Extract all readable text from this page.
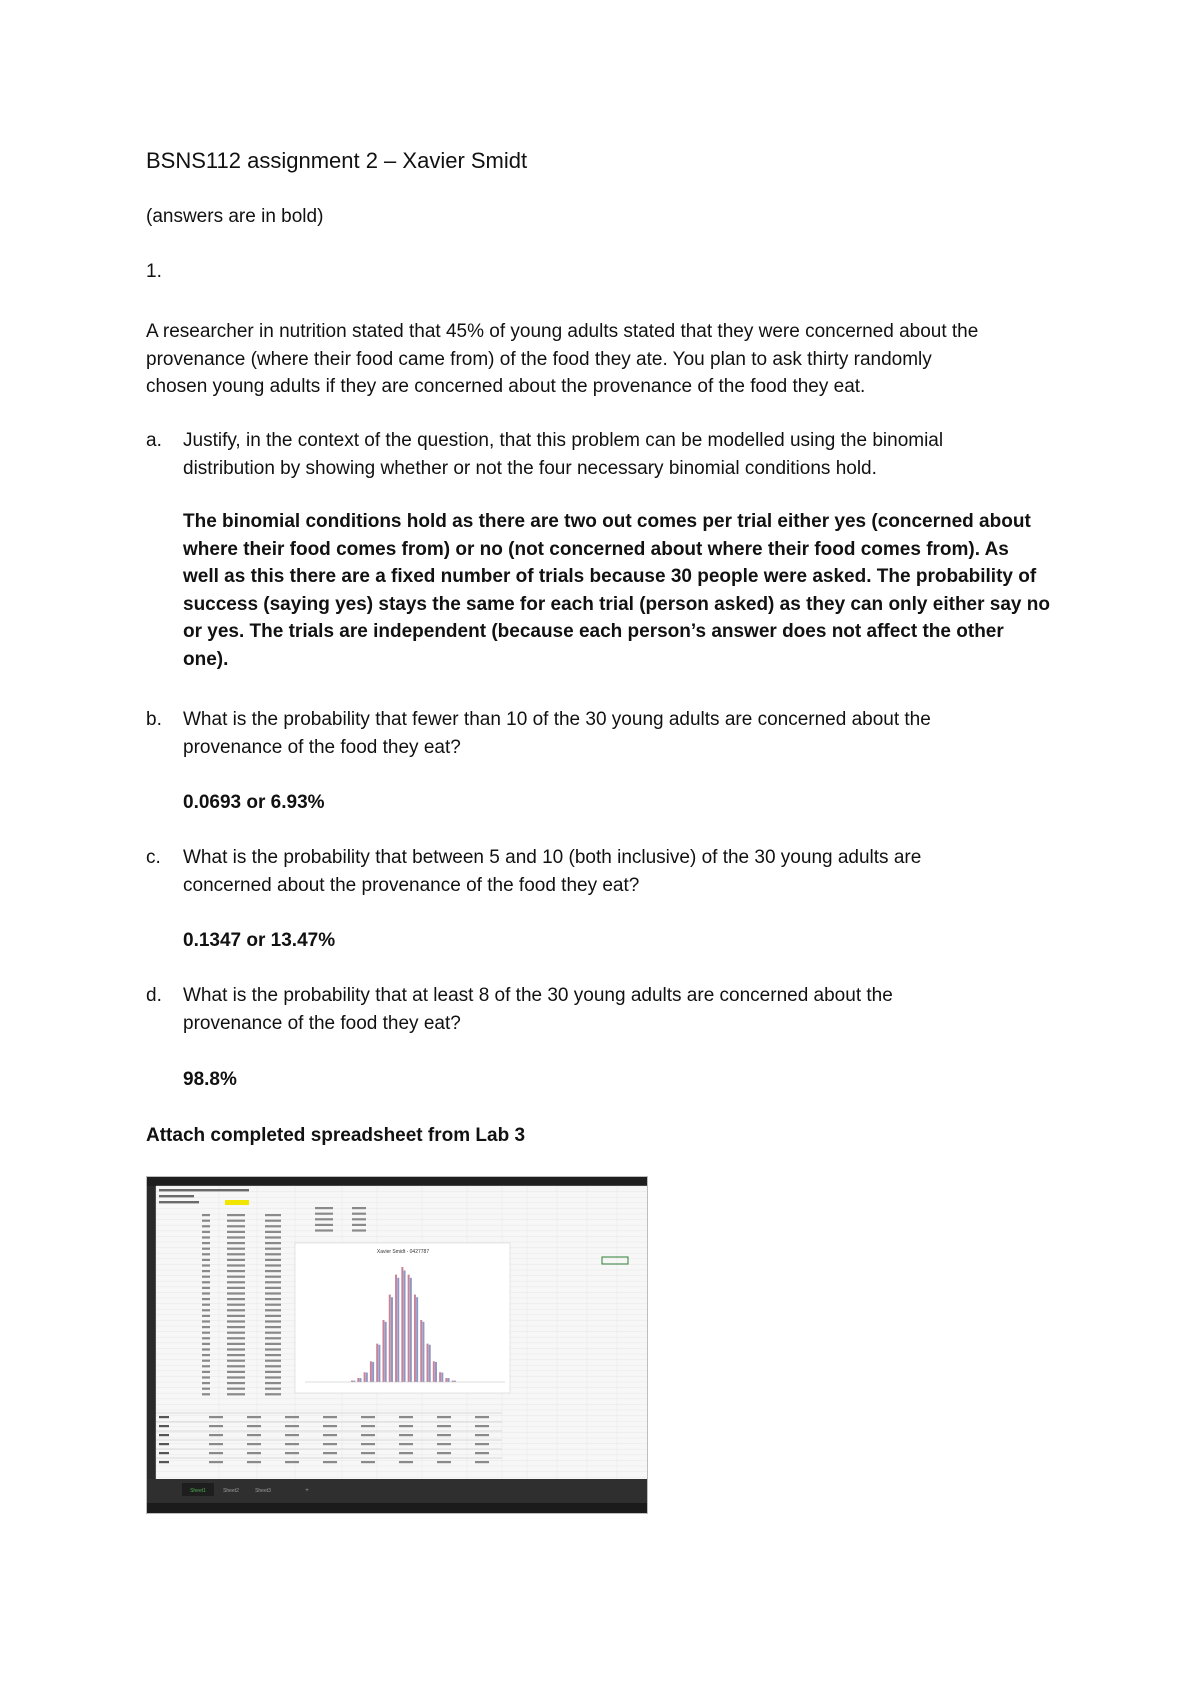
BSNS112 assignment 2 – Xavier Smidt

(answers are in bold)

1.

A researcher in nutrition stated that 45% of young adults stated that they were concerned about the
provenance (where their food came from) of the food they ate. You plan to ask thirty randomly
chosen young adults if they are concerned about the provenance of the food they eat.
a. Justify, in the context of the question, that this problem can be modelled using the binomial
distribution by showing whether or not the four necessary binomial conditions hold.
The binomial conditions hold as there are two out comes per trial either yes (concerned about
where their food comes from) or no (not concerned about where their food comes from). As
well as this there are a fixed number of trials because 30 people were asked. The probability of
success (saying yes) stays the same for each trial (person asked) as they can only either say no
or yes. The trials are independent (because each person’s answer does not affect the other
one).
b. What is the probability that fewer than 10 of the 30 young adults are concerned about the
provenance of the food they eat?
0.0693 or 6.93%
c. What is the probability that between 5 and 10 (both inclusive) of the 30 young adults are
concerned about the provenance of the food they eat?
0.1347 or 13.47%
d. What is the probability that at least 8 of the 30 young adults are concerned about the
provenance of the food they eat?
98.8%

Attach completed spreadsheet from Lab 3

Xavier Smidt - 0427787
Sheet1	Sheet2	Sheet3	+
